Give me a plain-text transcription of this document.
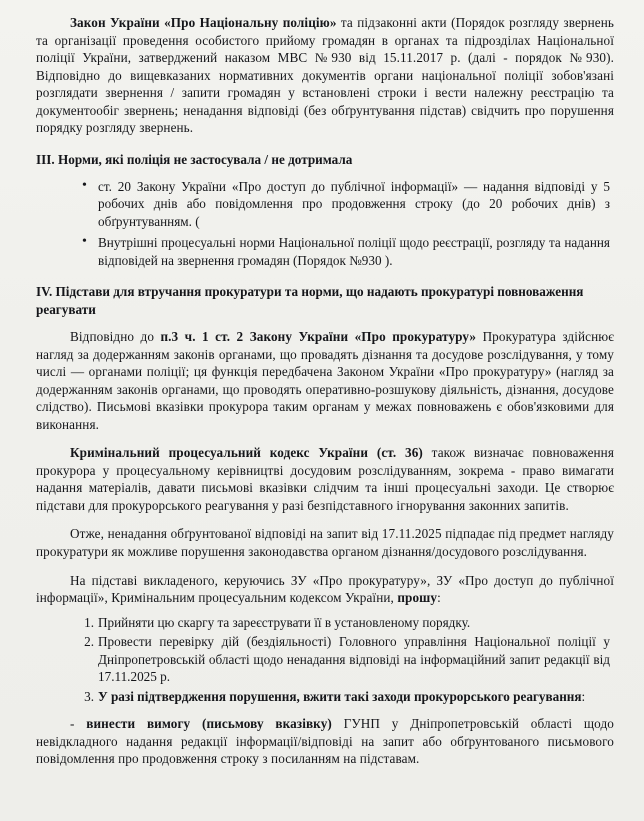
Закон України «Про Національну поліцію» та підзаконні акти (Порядок розгляду звернень та організації проведення особистого прийому громадян в органах та підрозділах Національної поліції України, затверджений наказом МВС №930 від 15.11.2017 р. (далі - порядок №930). Відповідно до вищевказаних нормативних документів органи національної поліції зобов'язані розглядати звернення / запити громадян у встановлені строки і вести належну реєстрацію та документообіг звернень; ненадання відповіді (без обґрунтування підстав) свідчить про порушення порядку розгляду звернень.

III. Норми, які поліція не застосувала / не дотримала
• ст. 20 Закону України «Про доступ до публічної інформації» — надання відповіді у 5 робочих днів або повідомлення про продовження строку (до 20 робочих днів) з обґрунтуванням. (
• Внутрішні процесуальні норми Національної поліції щодо реєстрації, розгляду та надання відповідей на звернення громадян (Порядок №930 ).
IV. Підстави для втручання прокуратури та норми, що надають прокуратурі повноваження реагувати

Відповідно до п.3 ч. 1 ст. 2 Закону України «Про прокуратуру» Прокуратура здійснює нагляд за додержанням законів органами, що провадять дізнання та досудове розслідування, у тому числі — органами поліції; ця функція передбачена Законом України «Про прокуратуру» (нагляд за додержанням законів органами, що проводять оперативно-розшукову діяльність, дізнання, досудове слідство). Письмові вказівки прокурора таким органам у межах повноважень є обов'язковими для виконання.

Кримінальний процесуальний кодекс України (ст. 36) також визначає повноваження прокурора у процесуальному керівництві досудовим розслідуванням, зокрема - право вимагати надання матеріалів, давати письмові вказівки слідчим та інші процесуальні заходи. Це створює підстави для прокурорського реагування у разі безпідставного ігнорування законних запитів.

Отже, ненадання обґрунтованої відповіді на запит від 17.11.2025 підпадає під предмет нагляду прокуратури як можливе порушення законодавства органом дізнання/досудового розслідування.

На підставі викладеного, керуючись ЗУ «Про прокуратуру», ЗУ «Про доступ до публічної інформації», Кримінальним процесуальним кодексом України, прошу:

Прийняти цю скаргу та зареєструвати її в установленому порядку.
Провести перевірку дій (бездіяльності) Головного управління Національної поліції у Дніпропетровській області щодо ненадання відповіді на інформаційний запит редакції від 17.11.2025 р.
У разі підтвердження порушення, вжити такі заходи прокурорського реагування:

- винести вимогу (письмову вказівку) ГУНП у Дніпропетровській області щодо невідкладного надання редакції інформації/відповіді на запит або обґрунтованого письмового повідомлення про продовження строку з посиланням на підставам.
